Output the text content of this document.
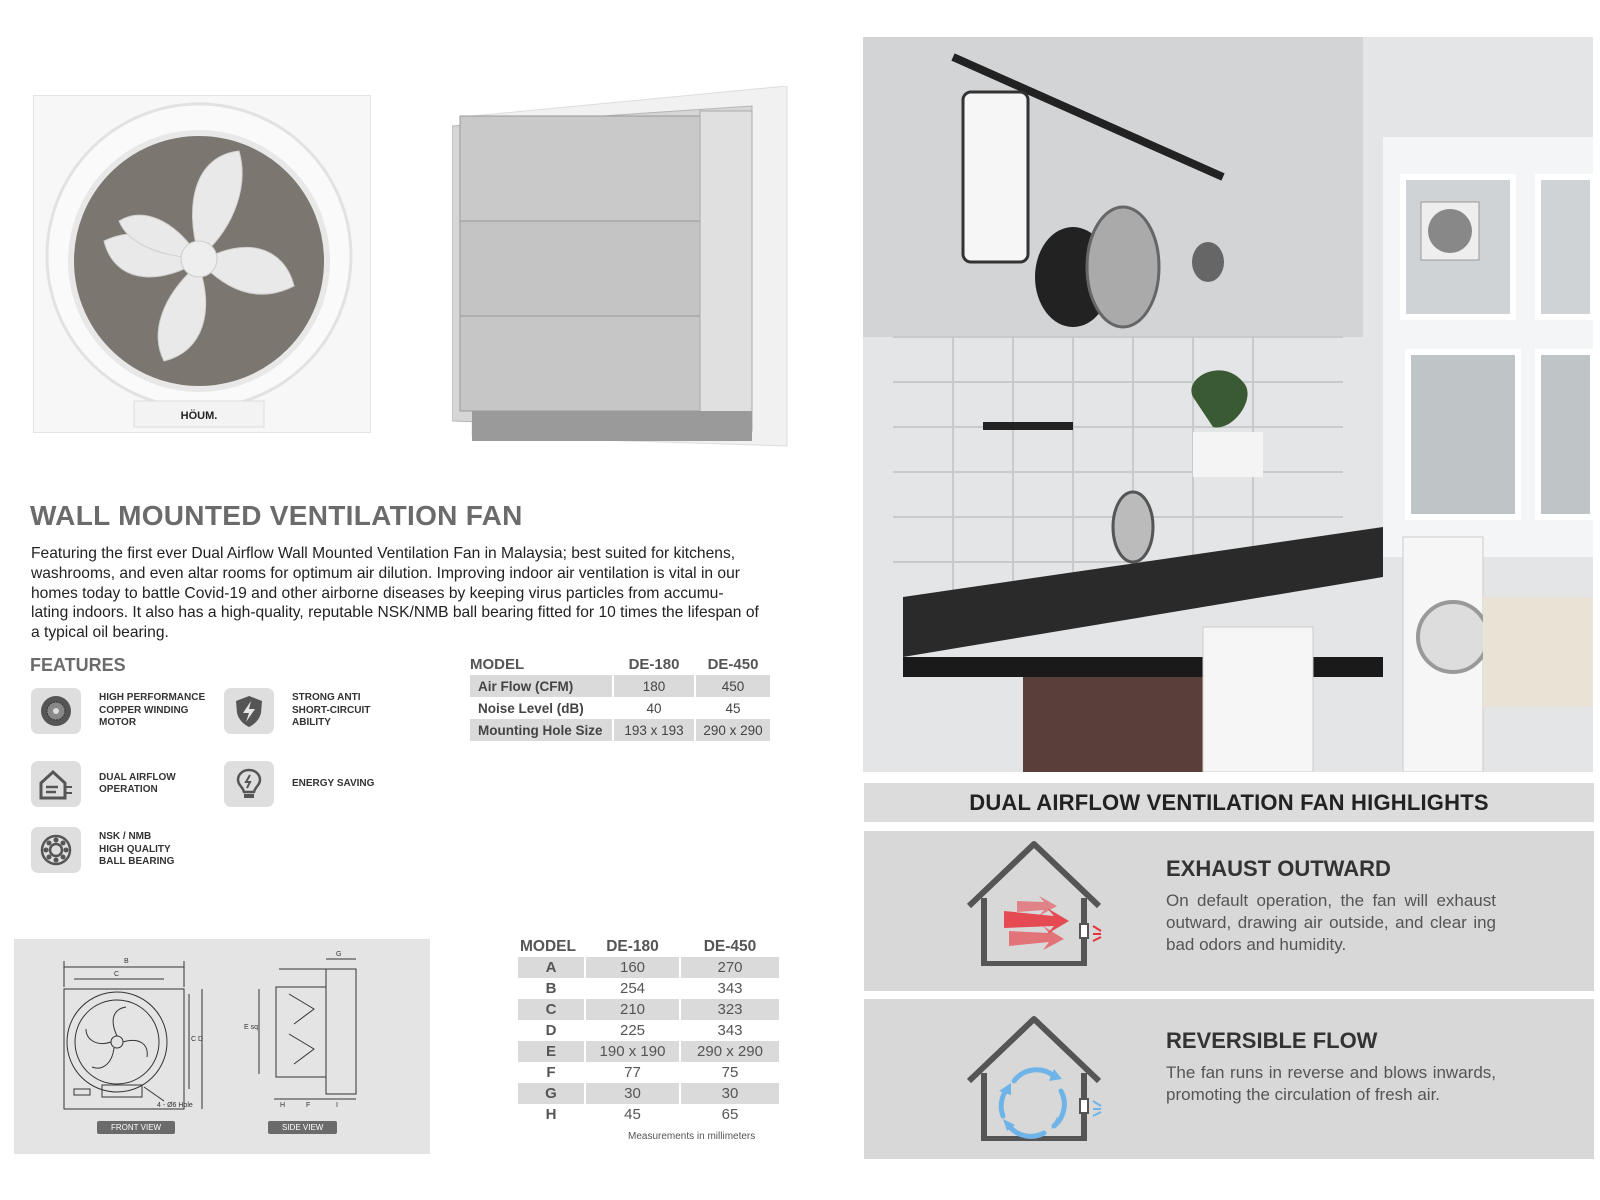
HÖUM.
WALL MOUNTED VENTILATION FAN
Featuring the first ever Dual Airflow Wall Mounted Ventilation Fan in Malaysia; best suited for kitchens, washrooms, and even altar rooms for optimum air dilution. Improving indoor air ventilation is vital in our homes today to battle Covid-19 and other airborne diseases by keeping virus particles from accumu- lating indoors. It also has a high-quality, reputable NSK/NMB ball bearing fitted for 10 times the lifespan of a typical oil bearing.
FEATURES
HIGH PERFORMANCE
COPPER WINDING
MOTOR
STRONG ANTI
SHORT-CIRCUIT
ABILITY
DUAL AIRFLOW
OPERATION
ENERGY SAVING
NSK / NMB
HIGH QUALITY
BALL BEARING
MODEL	DE-180	DE-450
Air Flow (CFM)	180	450
Noise Level (dB)	40	45
Mounting Hole Size	193 x 193	290 x 290
B
C
C D
G
E sq.
H	F	I
4 - Ø6 Hole
FRONT VIEW	SIDE VIEW
MODEL	DE-180	DE-450
A	160	270
B	254	343
C	210	323
D	225	343
E	190 x 190	290 x 290
F	77	75
G	30	30
H	45	65
Measurements in millimeters
DUAL AIRFLOW VENTILATION FAN HIGHLIGHTS
EXHAUST OUTWARD
On default operation, the fan will exhaust outward, drawing air outside, and clear ing bad odors and humidity.
REVERSIBLE FLOW
The fan runs in reverse and blows inwards, promoting the circulation of fresh air.
